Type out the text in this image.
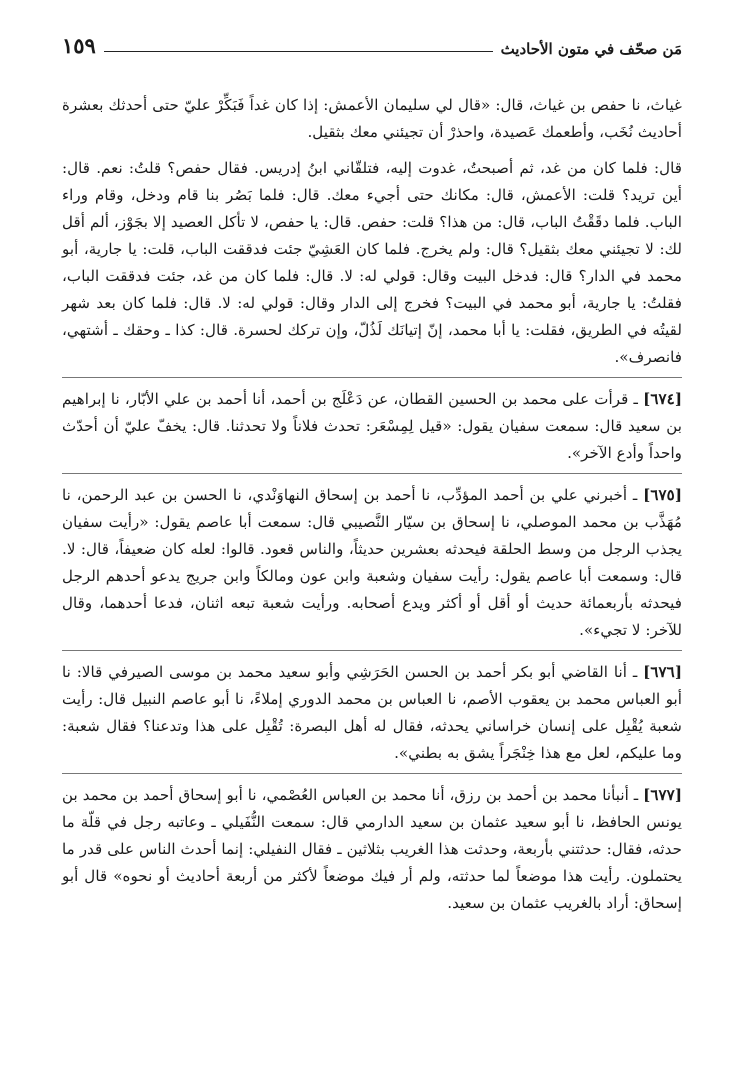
مَن صحّف في متون الأحاديث
١٥٩

غياث، نا حفص بن غياث، قال: «قال لي سليمان الأعمش: إذا كان غداً فَبَكِّرْ عليّ حتى أحدثك بعشرة أحاديث نُخَب، وأطعمك عَصيدة، واحذرْ أن تجيئني معك بثقيل.

قال: فلما كان من غد، ثم أصبحتُ، غدوت إليه، فتلقّاني ابنُ إدريس. فقال حفص؟ قلتُ: نعم. قال: أين تريد؟ قلت: الأعمش، قال: مكانك حتى أجيء معك. قال: فلما بَصُر بنا قام ودخل، وقام وراء الباب. فلما دقَقْتُ الباب، قال: من هذا؟ قلت: حفص. قال: يا حفص، لا تأكل العصيد إلا بجَوْز، ألم أقل لك: لا تجيئني معك بثقيل؟ قال: ولم يخرج. فلما كان العَشِيّ جئت فدققت الباب، قلت: يا جارية، أبو محمد في الدار؟ قال: فدخل البيت وقال: قولي له: لا. قال: فلما كان من غد، جئت فدققت الباب، فقلتُ: يا جارية، أبو محمد في البيت؟ فخرج إلى الدار وقال: قولي له: لا. قال: فلما كان بعد شهر لقيتُه في الطريق، فقلت: يا أبا محمد، إنّ إتيانَك لَذُلّ، وإن تركك لحسرة. قال: كذا ـ وحقك ـ أشتهي، فانصرف».

[٦٧٤] ـ قرأت على محمد بن الحسين القطان، عن دَعْلَج بن أحمد، أنا أحمد بن علي الأبّار، نا إبراهيم بن سعيد قال: سمعت سفيان يقول: «قيل لِمِسْعَر: تحدث فلاناً ولا تحدثنا. قال: يخفّ عليّ أن أحدّث واحداً وأدع الآخر».

[٦٧٥] ـ أخبرني علي بن أحمد المؤدِّب، نا أحمد بن إسحاق النهاوَنْدي، نا الحسن بن عبد الرحمن، نا مُهَذَّب بن محمد الموصلي، نا إسحاق بن سيّار النَّصيبي قال: سمعت أبا عاصم يقول: «رأيت سفيان يجذب الرجل من وسط الحلقة فيحدثه بعشرين حديثاً، والناس قعود. قالوا: لعله كان ضعيفاً، قال: لا. قال: وسمعت أبا عاصم يقول: رأيت سفيان وشعبة وابن عون ومالكاً وابن جريج يدعو أحدهم الرجل فيحدثه بأربعمائة حديث أو أقل أو أكثر ويدع أصحابه. ورأيت شعبة تبعه اثنان، فدعا أحدهما، وقال للآخر: لا تجيء».

[٦٧٦] ـ أنا القاضي أبو بكر أحمد بن الحسن الحَرَشِي وأبو سعيد محمد بن موسى الصيرفي قالا: نا أبو العباس محمد بن يعقوب الأصم، نا العباس بن محمد الدوري إملاءً، نا أبو عاصم النبيل قال: رأيت شعبة يُقْبِل على إنسان خراساني يحدثه، فقال له أهل البصرة: تُقْبِل على هذا وتدعنا؟ فقال شعبة: وما عليكم، لعل مع هذا خِنْجَراً يشق به بطني».

[٦٧٧] ـ أنبأنا محمد بن أحمد بن رزق، أنا محمد بن العباس العُصْمي، نا أبو إسحاق أحمد بن محمد بن يونس الحافظ، نا أبو سعيد عثمان بن سعيد الدارمي قال: سمعت النُّفَيلي ـ وعاتبه رجل في قلّة ما حدثه، فقال: حدثتني بأربعة، وحدثت هذا الغريب بثلاثين ـ فقال النفيلي: إنما أحدث الناس على قدر ما يحتملون. رأيت هذا موضعاً لما حدثته، ولم أر فيك موضعاً لأكثر من أربعة أحاديث أو نحوه» قال أبو إسحاق: أراد بالغريب عثمان بن سعيد.
